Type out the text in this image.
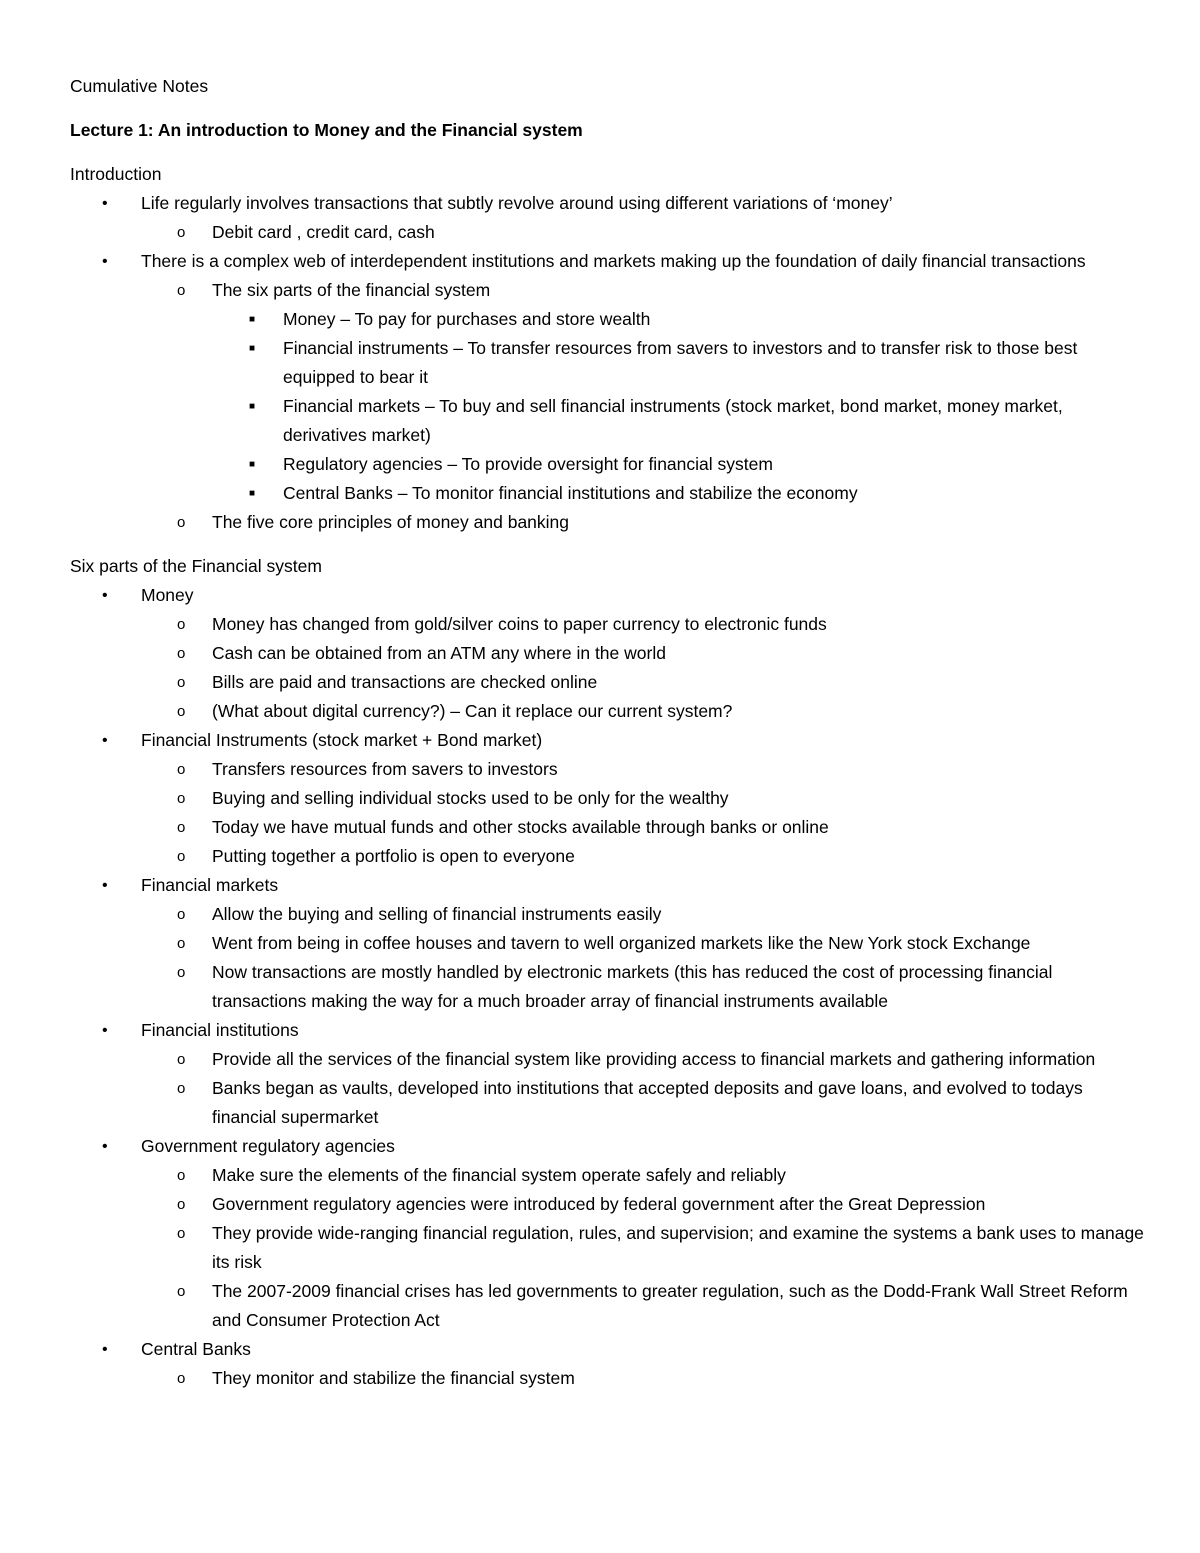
Cumulative Notes

Lecture 1: An introduction to Money and the Financial system

Introduction

• Life regularly involves transactions that subtly revolve around using different variations of ‘money’
o Debit card , credit card, cash
• There is a complex web of interdependent institutions and markets making up the foundation of daily financial transactions
o The six parts of the financial system
■ Money – To pay for purchases and store wealth
■ Financial instruments – To transfer resources from savers to investors and to transfer risk to those best equipped to bear it
■ Financial markets – To buy and sell financial instruments (stock market, bond market, money market, derivatives market)
■ Regulatory agencies – To provide oversight for financial system
■ Central Banks – To monitor financial institutions and stabilize the economy
o The five core principles of money and banking

Six parts of the Financial system

• Money
o Money has changed from gold/silver coins to paper currency to electronic funds
o Cash can be obtained from an ATM any where in the world
o Bills are paid and transactions are checked online
o (What about digital currency?) – Can it replace our current system?
• Financial Instruments (stock market + Bond market)
o Transfers resources from savers to investors
o Buying and selling individual stocks used to be only for the wealthy
o Today we have mutual funds and other stocks available through banks or online
o Putting together a portfolio is open to everyone
• Financial markets
o Allow the buying and selling of financial instruments easily
o Went from being in coffee houses and tavern to well organized markets like the New York stock Exchange
o Now transactions are mostly handled by electronic markets (this has reduced the cost of processing financial transactions making the way for a much broader array of financial instruments available
• Financial institutions
o Provide all the services of the financial system like providing access to financial markets and gathering information
o Banks began as vaults, developed into institutions that accepted deposits and gave loans, and evolved to todays financial supermarket
• Government regulatory agencies
o Make sure the elements of the financial system operate safely and reliably
o Government regulatory agencies were introduced by federal government after the Great Depression
o They provide wide-ranging financial regulation, rules, and supervision; and examine the systems a bank uses to manage its risk
o The 2007-2009 financial crises has led governments to greater regulation, such as the Dodd-Frank Wall Street Reform and Consumer Protection Act
• Central Banks
o They monitor and stabilize the financial system
